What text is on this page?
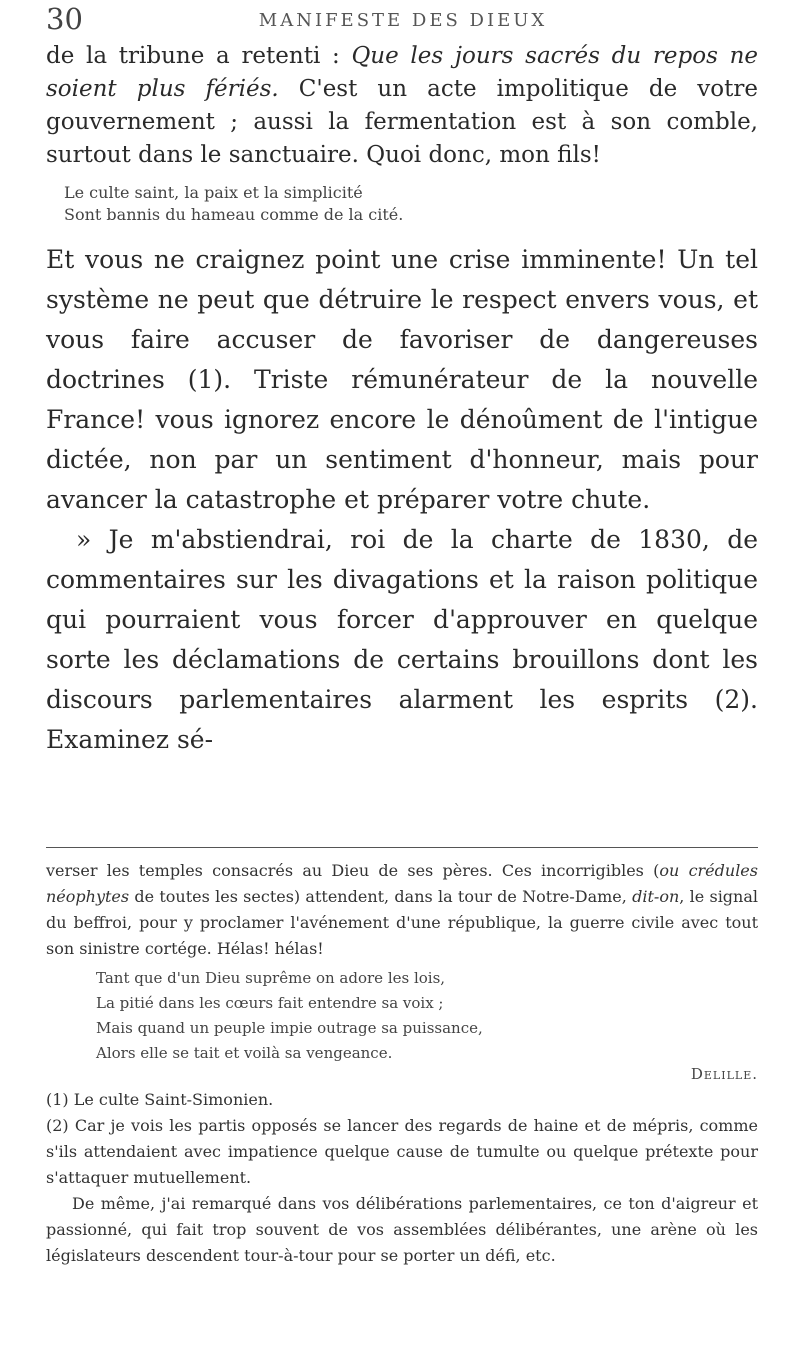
30	MANIFESTE DES DIEUX

de la tribune a retenti : Que les jours sacrés du repos ne soient plus fériés. C'est un acte impolitique de votre gouvernement ; aussi la fermentation est à son comble, surtout dans le sanctuaire. Quoi donc, mon fils!

Le culte saint, la paix et la simplicité
Sont bannis du hameau comme de la cité.

Et vous ne craignez point une crise imminente! Un tel système ne peut que détruire le respect envers vous, et vous faire accuser de favoriser de dangereuses doctrines (1). Triste rémunérateur de la nouvelle France! vous ignorez encore le dénoûment de l'intigue dictée, non par un sentiment d'honneur, mais pour avancer la catastrophe et préparer votre chute.

» Je m'abstiendrai, roi de la charte de 1830, de commentaires sur les divagations et la raison politique qui pourraient vous forcer d'approuver en quelque sorte les déclamations de certains brouillons dont les discours parlementaires alarment les esprits (2). Examinez sé-

verser les temples consacrés au Dieu de ses pères. Ces incorrigibles (ou crédules néophytes de toutes les sectes) attendent, dans la tour de Notre-Dame, dit-on, le signal du beffroi, pour y proclamer l'avénement d'une république, la guerre civile avec tout son sinistre cortége. Hélas! hélas!

Tant que d'un Dieu suprême on adore les lois,
La pitié dans les cœurs fait entendre sa voix ;
Mais quand un peuple impie outrage sa puissance,
Alors elle se tait et voilà sa vengeance.
Delille.

(1) Le culte Saint-Simonien.

(2) Car je vois les partis opposés se lancer des regards de haine et de mépris, comme s'ils attendaient avec impatience quelque cause de tumulte ou quelque prétexte pour s'attaquer mutuellement.

De même, j'ai remarqué dans vos délibérations parlementaires, ce ton d'aigreur et passionné, qui fait trop souvent de vos assemblées délibérantes, une arène où les législateurs descendent tour-à-tour pour se porter un défi, etc.
